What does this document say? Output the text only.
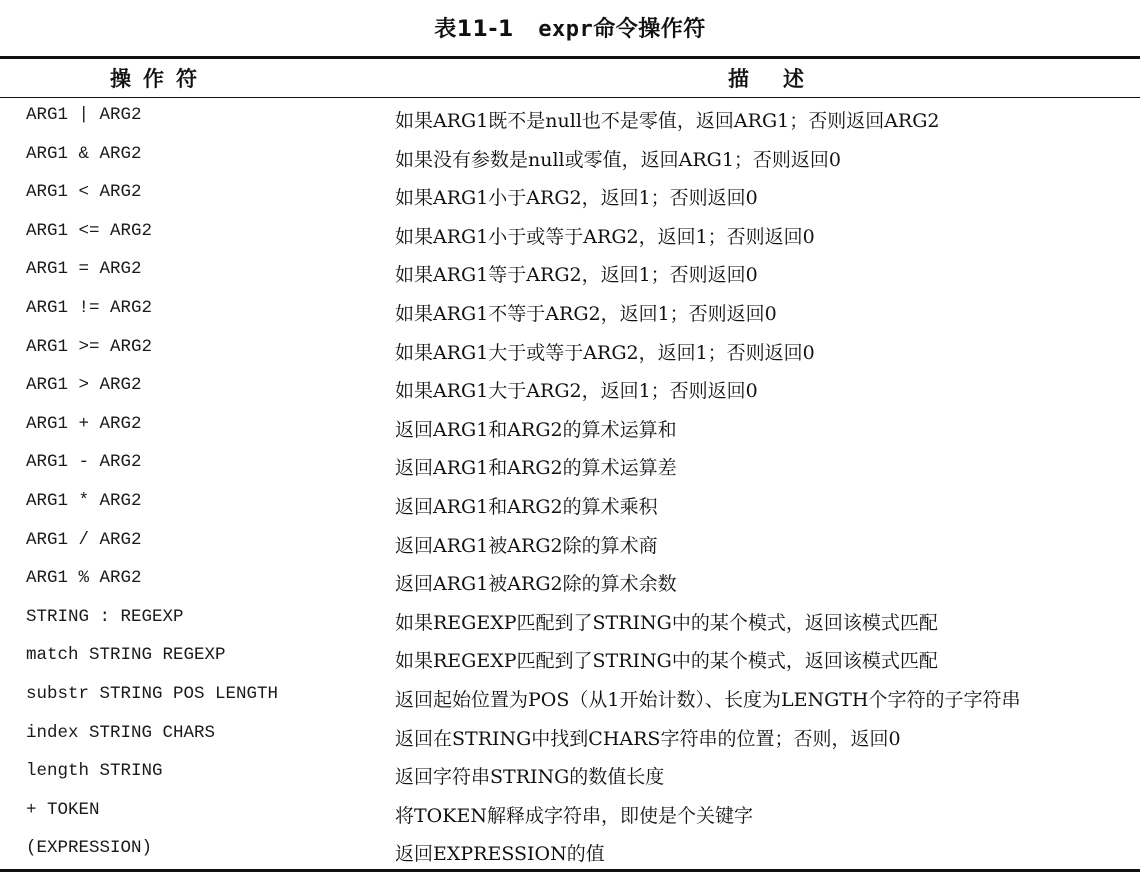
表11-1 expr命令操作符
操作符	描述
ARG1 | ARG2	如果ARG1既不是null也不是零值，返回ARG1；否则返回ARG2
ARG1 & ARG2	如果没有参数是null或零值，返回ARG1；否则返回0
ARG1 < ARG2	如果ARG1小于ARG2，返回1；否则返回0
ARG1 <= ARG2	如果ARG1小于或等于ARG2，返回1；否则返回0
ARG1 = ARG2	如果ARG1等于ARG2，返回1；否则返回0
ARG1 != ARG2	如果ARG1不等于ARG2，返回1；否则返回0
ARG1 >= ARG2	如果ARG1大于或等于ARG2，返回1；否则返回0
ARG1 > ARG2	如果ARG1大于ARG2，返回1；否则返回0
ARG1 + ARG2	返回ARG1和ARG2的算术运算和
ARG1 - ARG2	返回ARG1和ARG2的算术运算差
ARG1 * ARG2	返回ARG1和ARG2的算术乘积
ARG1 / ARG2	返回ARG1被ARG2除的算术商
ARG1 % ARG2	返回ARG1被ARG2除的算术余数
STRING : REGEXP	如果REGEXP匹配到了STRING中的某个模式，返回该模式匹配
match STRING REGEXP	如果REGEXP匹配到了STRING中的某个模式，返回该模式匹配
substr STRING POS LENGTH	返回起始位置为POS（从1开始计数）、长度为LENGTH个字符的子字符串
index STRING CHARS	返回在STRING中找到CHARS字符串的位置；否则，返回0
length STRING	返回字符串STRING的数值长度
+ TOKEN	将TOKEN解释成字符串，即使是个关键字
(EXPRESSION)	返回EXPRESSION的值
